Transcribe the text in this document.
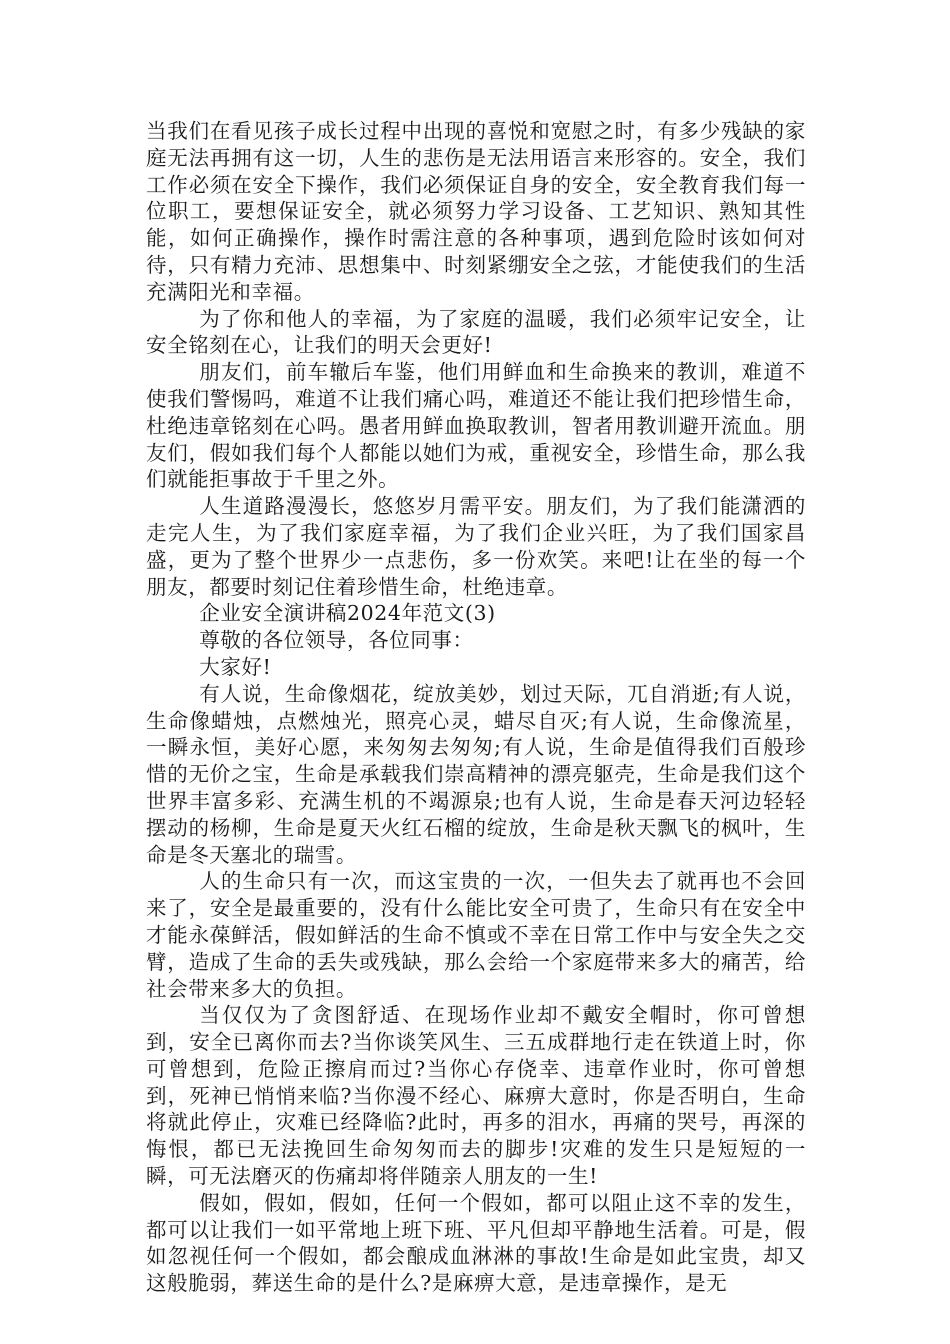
当我们在看见孩子成长过程中出现的喜悦和宽慰之时，有多少残缺的家庭无法再拥有这一切，人生的悲伤是无法用语言来形容的。安全，我们工作必须在安全下操作，我们必须保证自身的安全，安全教育我们每一位职工，要想保证安全，就必须努力学习设备、工艺知识、熟知其性能，如何正确操作，操作时需注意的各种事项，遇到危险时该如何对待，只有精力充沛、思想集中、时刻紧绷安全之弦，才能使我们的生活充满阳光和幸福。

为了你和他人的幸福，为了家庭的温暖，我们必须牢记安全，让安全铭刻在心，让我们的明天会更好!

朋友们，前车辙后车鉴，他们用鲜血和生命换来的教训，难道不使我们警惕吗，难道不让我们痛心吗，难道还不能让我们把珍惜生命，杜绝违章铭刻在心吗。愚者用鲜血换取教训，智者用教训避开流血。朋友们，假如我们每个人都能以她们为戒，重视安全，珍惜生命，那么我们就能拒事故于千里之外。

人生道路漫漫长，悠悠岁月需平安。朋友们，为了我们能潇洒的走完人生，为了我们家庭幸福，为了我们企业兴旺，为了我们国家昌盛，更为了整个世界少一点悲伤，多一份欢笑。来吧!让在坐的每一个朋友，都要时刻记住着珍惜生命，杜绝违章。

企业安全演讲稿2024年范文(3)

尊敬的各位领导，各位同事：

大家好!

有人说，生命像烟花，绽放美妙，划过天际，兀自消逝;有人说，生命像蜡烛，点燃烛光，照亮心灵，蜡尽自灭;有人说，生命像流星，一瞬永恒，美好心愿，来匆匆去匆匆;有人说，生命是值得我们百般珍惜的无价之宝，生命是承载我们崇高精神的漂亮躯壳，生命是我们这个世界丰富多彩、充满生机的不竭源泉;也有人说，生命是春天河边轻轻摆动的杨柳，生命是夏天火红石榴的绽放，生命是秋天飘飞的枫叶，生命是冬天塞北的瑞雪。

人的生命只有一次，而这宝贵的一次，一但失去了就再也不会回来了，安全是最重要的，没有什么能比安全可贵了，生命只有在安全中才能永葆鲜活，假如鲜活的生命不慎或不幸在日常工作中与安全失之交臂，造成了生命的丢失或残缺，那么会给一个家庭带来多大的痛苦，给社会带来多大的负担。

当仅仅为了贪图舒适、在现场作业却不戴安全帽时，你可曾想到，安全已离你而去?当你谈笑风生、三五成群地行走在铁道上时，你可曾想到，危险正擦肩而过?当你心存侥幸、违章作业时，你可曾想到，死神已悄悄来临?当你漫不经心、麻痹大意时，你是否明白，生命将就此停止，灾难已经降临?此时，再多的泪水，再痛的哭号，再深的悔恨，都已无法挽回生命匆匆而去的脚步!灾难的发生只是短短的一瞬，可无法磨灭的伤痛却将伴随亲人朋友的一生!

假如，假如，假如，任何一个假如，都可以阻止这不幸的发生，都可以让我们一如平常地上班下班、平凡但却平静地生活着。可是，假如忽视任何一个假如，都会酿成血淋淋的事故!生命是如此宝贵，却又这般脆弱，葬送生命的是什么?是麻痹大意，是违章操作，是无
